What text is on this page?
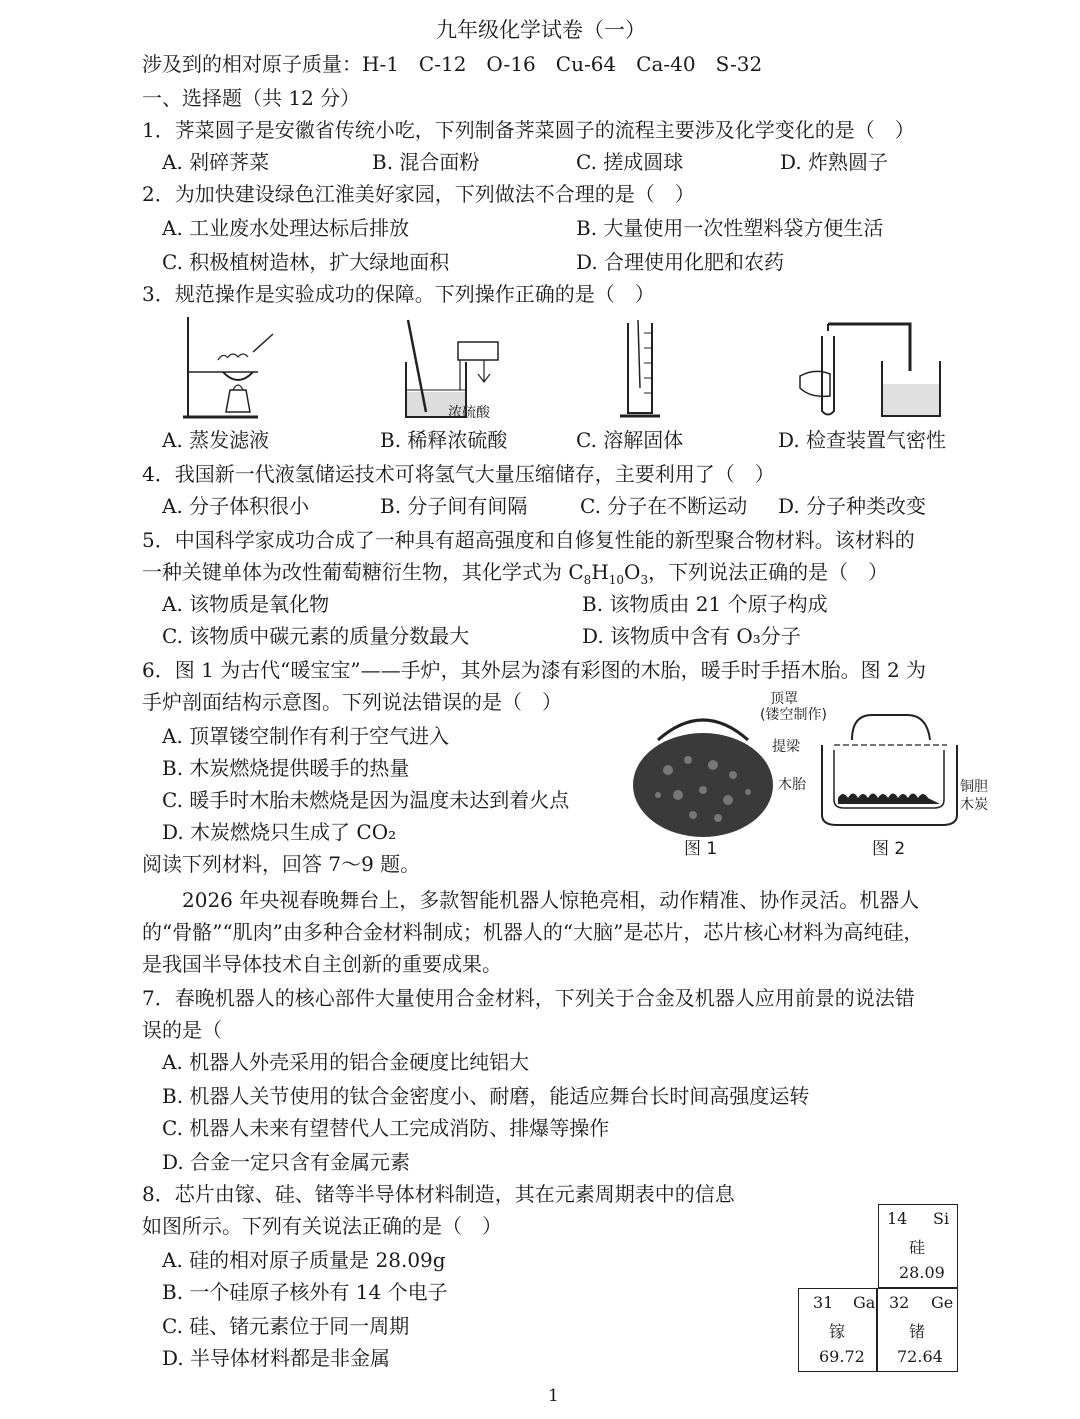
九年级化学试卷（一）
涉及到的相对原子质量：H-1　C-12　O-16　Cu-64　Ca-40　S-32
一、选择题（共 12 分）
1．荠菜圆子是安徽省传统小吃，下列制备荠菜圆子的流程主要涉及化学变化的是（　）
A. 剁碎荠菜	B. 混合面粉	C. 搓成圆球	D. 炸熟圆子
2．为加快建设绿色江淮美好家园，下列做法不合理的是（　）
A. 工业废水处理达标后排放	B. 大量使用一次性塑料袋方便生活
C. 积极植树造林，扩大绿地面积	D. 合理使用化肥和农药
3．规范操作是实验成功的保障。下列操作正确的是（　）
浓硫酸
A. 蒸发滤液	B. 稀释浓硫酸	C. 溶解固体	D. 检查装置气密性
4．我国新一代液氢储运技术可将氢气大量压缩储存，主要利用了（　）
A. 分子体积很小	B. 分子间有间隔	C. 分子在不断运动 D. 分子种类改变
5．中国科学家成功合成了一种具有超高强度和自修复性能的新型聚合物材料。该材料的
一种关键单体为改性葡萄糖衍生物，其化学式为 $C_8H_{10}O_3$，下列说法正确的是（　）
A. 该物质是氧化物	B. 该物质由 21 个原子构成
C. 该物质中碳元素的质量分数最大	D. 该物质中含有 O₃分子
6．图 1 为古代“暖宝宝”——手炉，其外层为漆有彩图的木胎，暖手时手捂木胎。图 2 为
手炉剖面结构示意图。下列说法错误的是（　）
A. 顶罩镂空制作有利于空气进入
B. 木炭燃烧提供暖手的热量
C. 暖手时木胎未燃烧是因为温度未达到着火点
D. 木炭燃烧只生成了 CO₂
图 1
顶罩
(镂空制作)
提梁
木胎	铜胆
木炭
图 2
阅读下列材料，回答 7～9 题。
2026 年央视春晚舞台上，多款智能机器人惊艳亮相，动作精准、协作灵活。机器人
的“骨骼”“肌肉”由多种合金材料制成；机器人的“大脑”是芯片，芯片核心材料为高纯硅，
是我国半导体技术自主创新的重要成果。
7．春晚机器人的核心部件大量使用合金材料，下列关于合金及机器人应用前景的说法错
误的是（
A. 机器人外壳采用的铝合金硬度比纯铝大
B. 机器人关节使用的钛合金密度小、耐磨，能适应舞台长时间高强度运转
C. 机器人未来有望替代人工完成消防、排爆等操作
D. 合金一定只含有金属元素
8．芯片由镓、硅、锗等半导体材料制造，其在元素周期表中的信息
如图所示。下列有关说法正确的是（　）
A. 硅的相对原子质量是 28.09g
B. 一个硅原子核外有 14 个电子
C. 硅、锗元素位于同一周期
D. 半导体材料都是非金属
14 Si
硅
28.09
31 Ga
镓
69.72
32 Ge
锗
72.64
1
